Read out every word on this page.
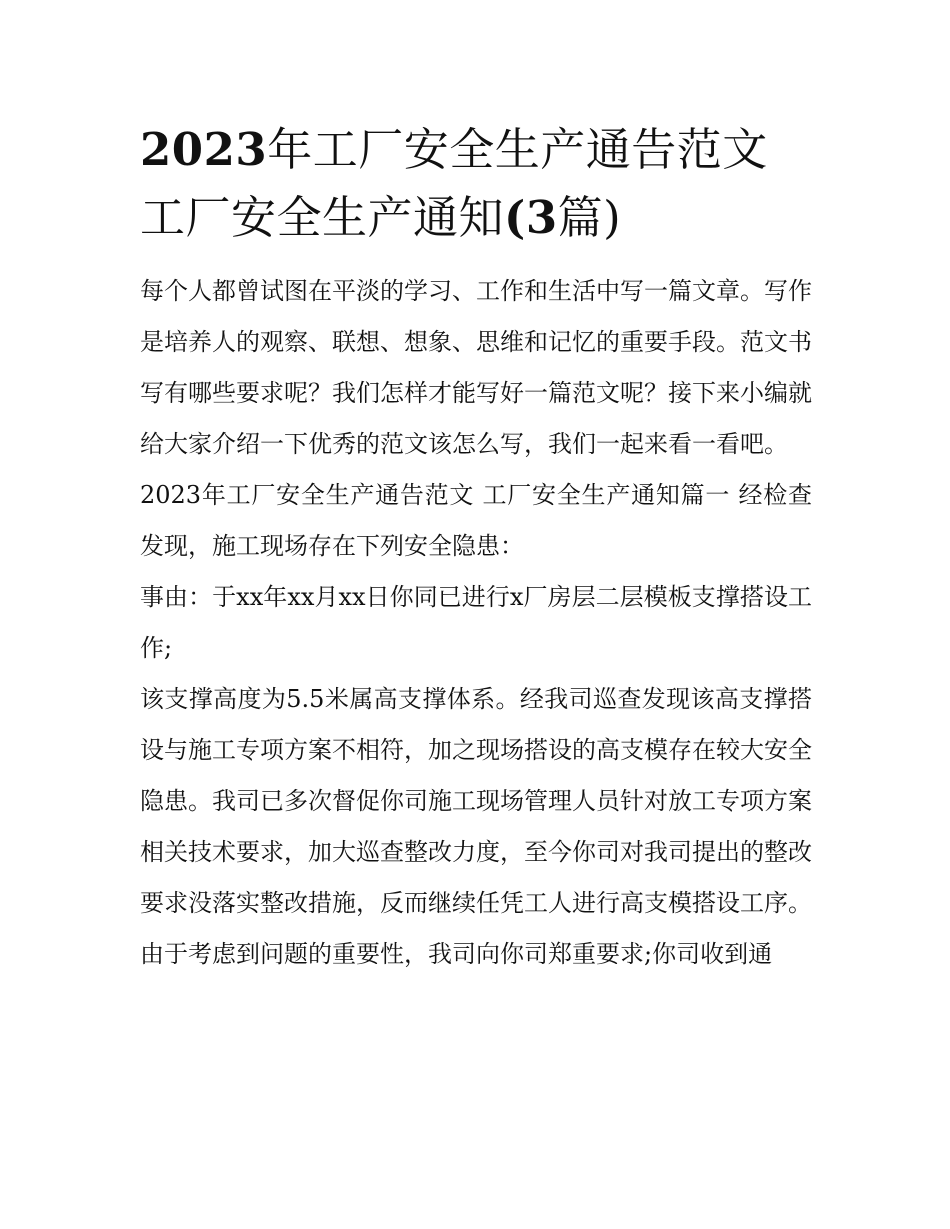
2023年工厂安全生产通告范文
工厂安全生产通知(3篇)

每个人都曾试图在平淡的学习、工作和生活中写一篇文章。写作是培养人的观察、联想、想象、思维和记忆的重要手段。范文书写有哪些要求呢？我们怎样才能写好一篇范文呢？接下来小编就给大家介绍一下优秀的范文该怎么写，我们一起来看一看吧。

2023年工厂安全生产通告范文 工厂安全生产通知篇一 经检查发现，施工现场存在下列安全隐患：

事由：于xx年xx月xx日你同已进行x厂房层二层模板支撑搭设工作;

该支撑高度为5.5米属高支撑体系。经我司巡查发现该高支撑搭设与施工专项方案不相符，加之现场搭设的高支模存在较大安全隐患。我司已多次督促你司施工现场管理人员针对放工专项方案相关技术要求，加大巡查整改力度，至今你司对我司提出的整改要求没落实整改措施，反而继续任凭工人进行高支模搭设工序。

由于考虑到问题的重要性，我司向你司郑重要求;你司收到通
